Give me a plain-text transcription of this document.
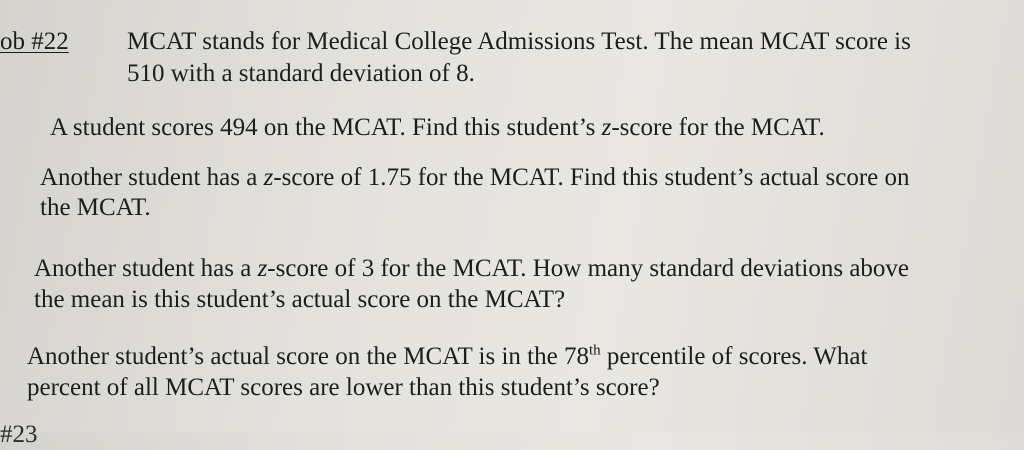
ob #22 MCAT stands for Medical College Admissions Test. The mean MCAT score is
510 with a standard deviation of 8.
A student scores 494 on the MCAT. Find this student’s z-score for the MCAT.
Another student has a z-score of 1.75 for the MCAT. Find this student’s actual score on
the MCAT.
Another student has a z-score of 3 for the MCAT. How many standard deviations above
the mean is this student’s actual score on the MCAT?
Another student’s actual score on the MCAT is in the 78th percentile of scores. What
percent of all MCAT scores are lower than this student’s score?
#23
